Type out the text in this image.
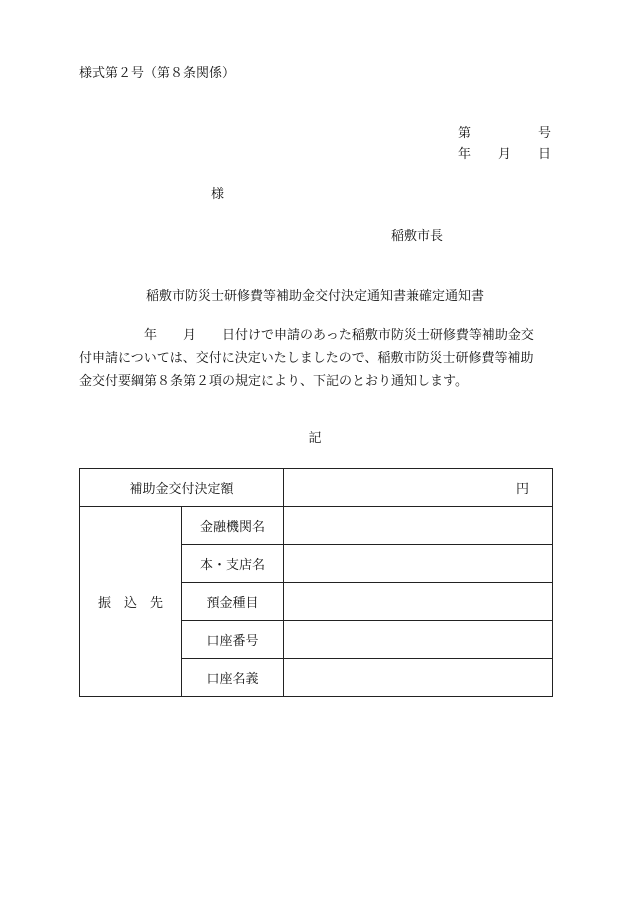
様式第２号（第８条関係）
第	号
年 月 日
様
稲敷市長
稲敷市防災士研修費等補助金交付決定通知書兼確定通知書
　　　　　年　　月　　日付けで申請のあった稲敷市防災士研修費等補助金交
付申請については、交付に決定いたしましたので、稲敷市防災士研修費等補助
金交付要綱第８条第２項の規定により、下記のとおり通知します。
記
補助金交付決定額		円
振　込　先	金融機関名	
	本・支店名	
	預金種目	
	口座番号	
	口座名義	
